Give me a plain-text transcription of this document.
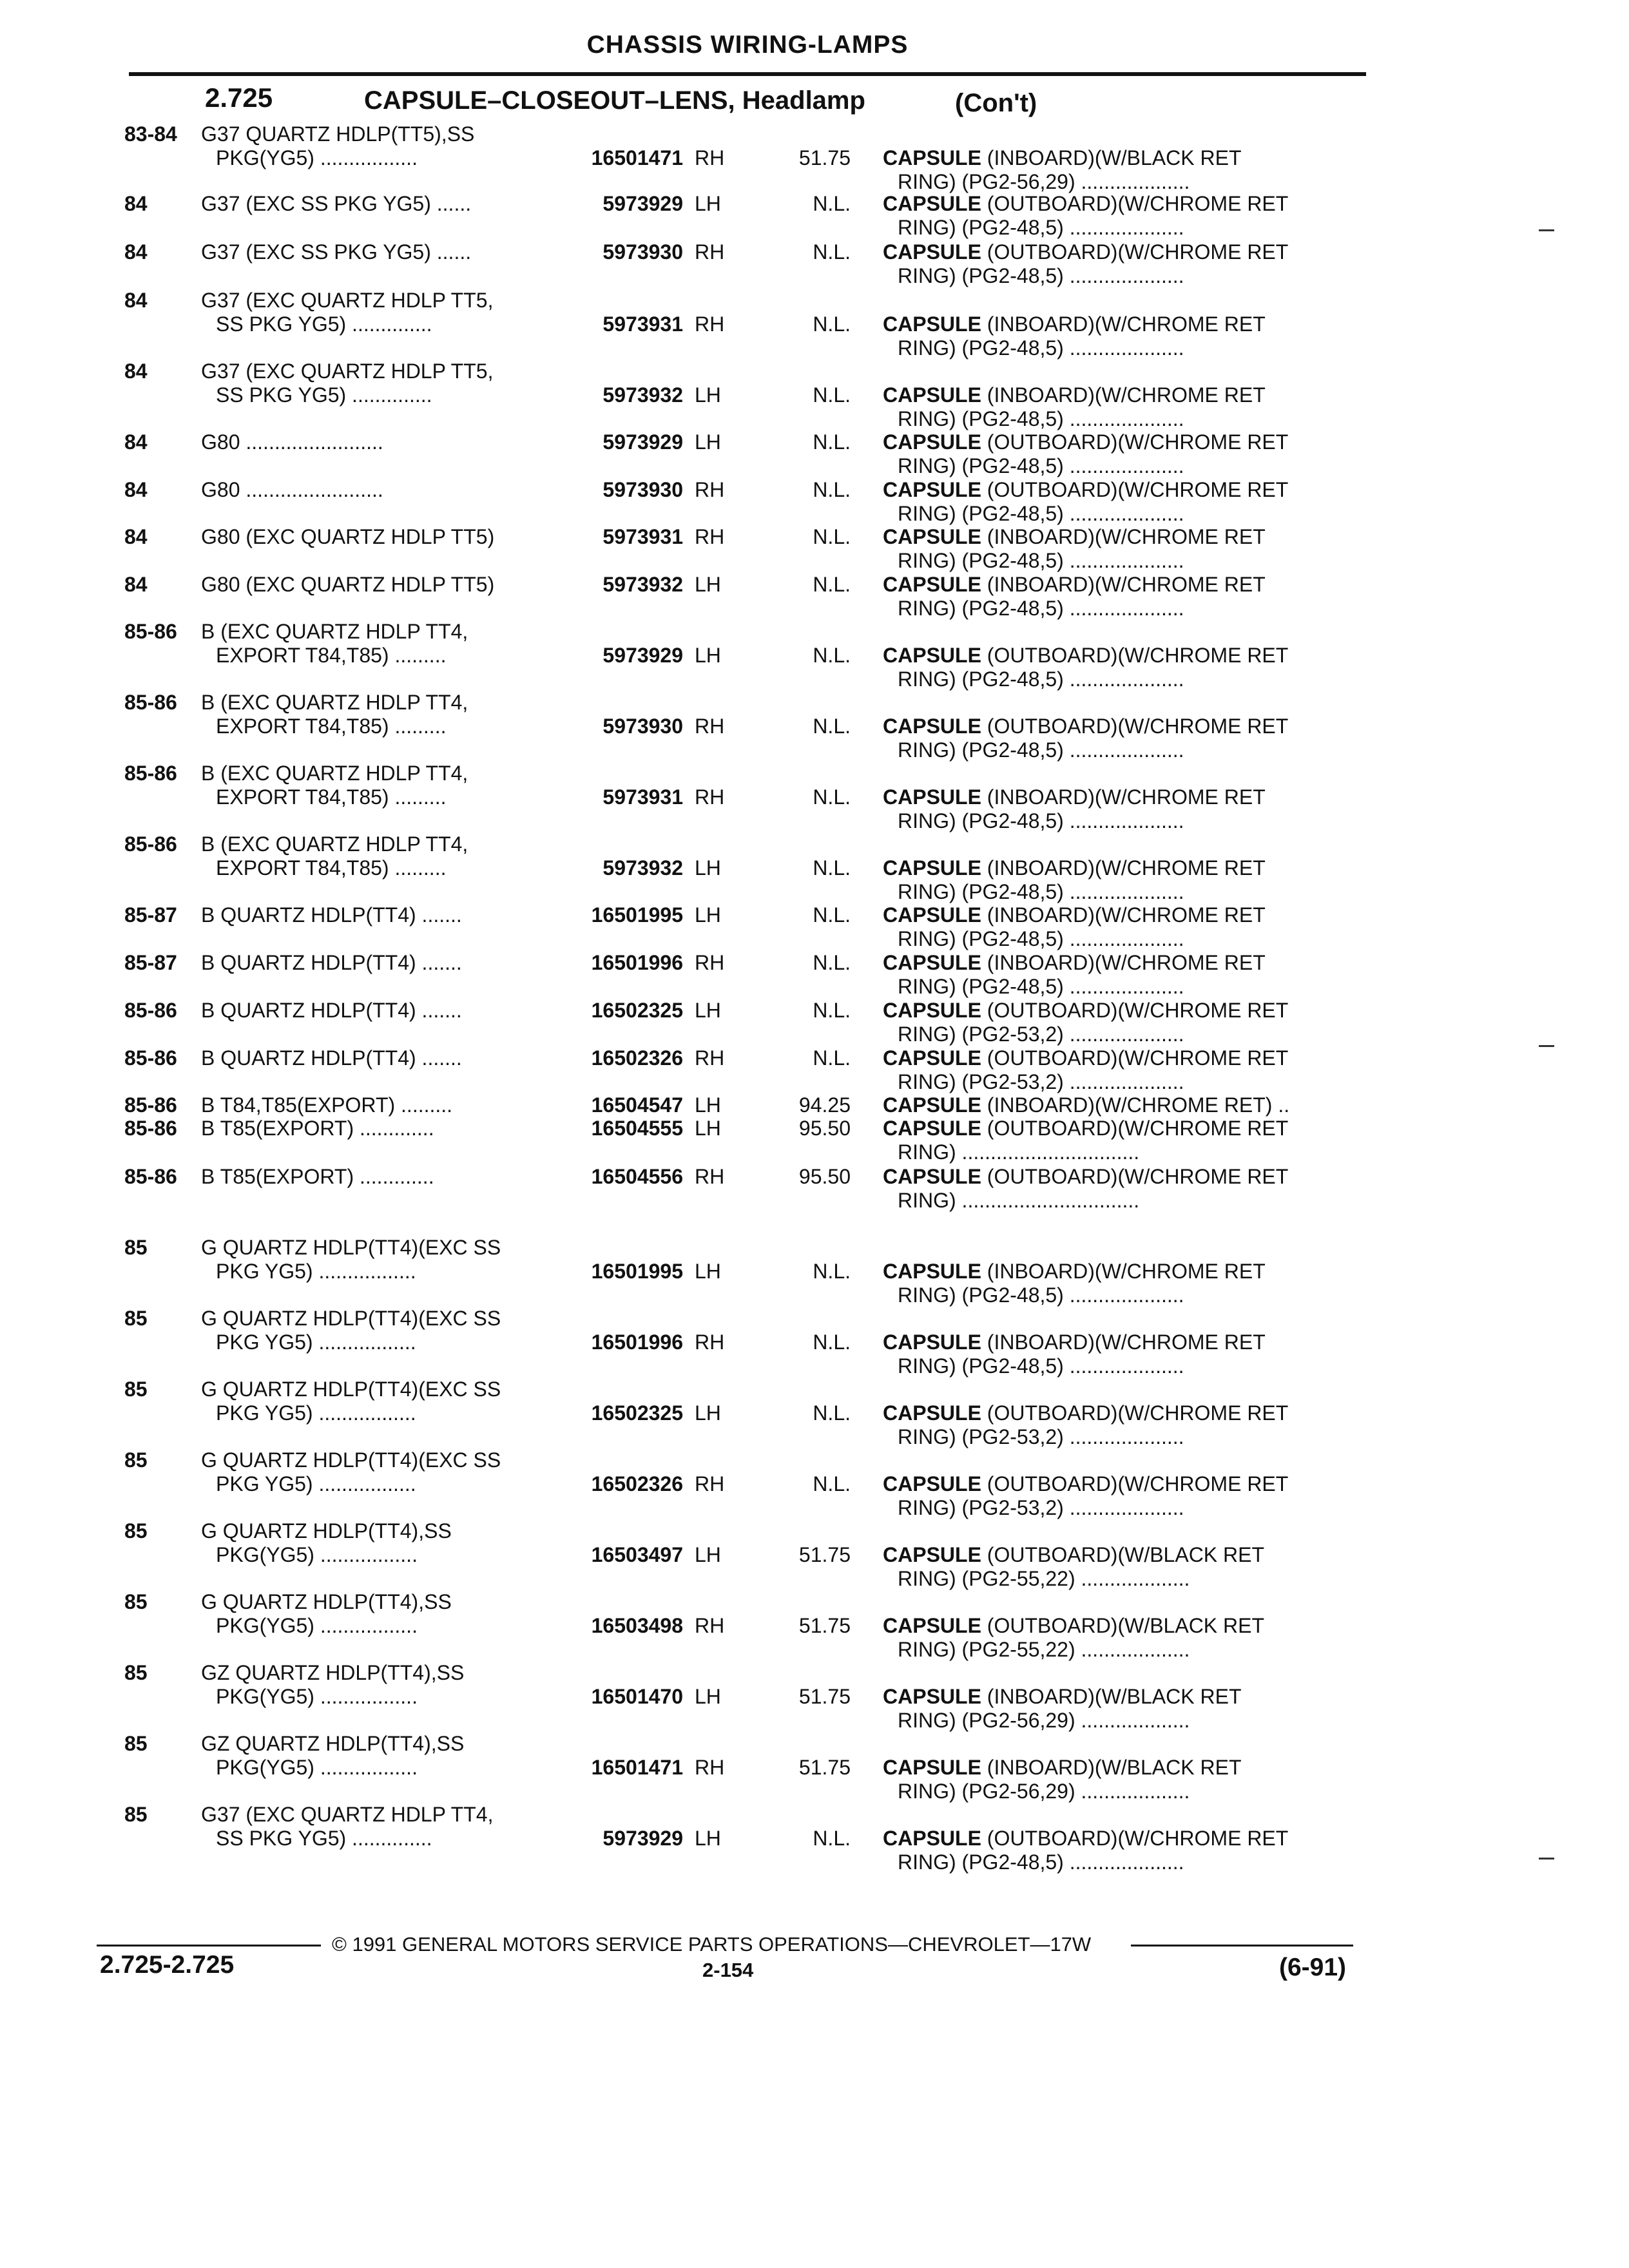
CHASSIS WIRING-LAMPS
2.725	CAPSULE–CLOSEOUT–LENS, Headlamp	(Con't)
83-84 G37 QUARTZ HDLP(TT5),SS
PKG(YG5) .................	16501471 RH	51.75 CAPSULE (INBOARD)(W/BLACK RET
RING) (PG2-56,29) ...................
84	G37 (EXC SS PKG YG5) ......	5973929 LH	N.L. CAPSULE (OUTBOARD)(W/CHROME RET
RING) (PG2-48,5) ....................
84	G37 (EXC SS PKG YG5) ......	5973930 RH	N.L. CAPSULE (OUTBOARD)(W/CHROME RET
RING) (PG2-48,5) ....................
84	G37 (EXC QUARTZ HDLP TT5,
SS PKG YG5) ..............	5973931 RH	N.L. CAPSULE (INBOARD)(W/CHROME RET
RING) (PG2-48,5) ....................
84	G37 (EXC QUARTZ HDLP TT5,
SS PKG YG5) ..............	5973932 LH	N.L. CAPSULE (INBOARD)(W/CHROME RET
RING) (PG2-48,5) ....................
84	G80 ........................	5973929 LH	N.L. CAPSULE (OUTBOARD)(W/CHROME RET
RING) (PG2-48,5) ....................
84	G80 ........................	5973930 RH	N.L. CAPSULE (OUTBOARD)(W/CHROME RET
RING) (PG2-48,5) ....................
84	G80 (EXC QUARTZ HDLP TT5)	5973931 RH	N.L. CAPSULE (INBOARD)(W/CHROME RET
RING) (PG2-48,5) ....................
84	G80 (EXC QUARTZ HDLP TT5)	5973932 LH	N.L. CAPSULE (INBOARD)(W/CHROME RET
RING) (PG2-48,5) ....................
85-86 B (EXC QUARTZ HDLP TT4,
EXPORT T84,T85) .........	5973929 LH	N.L. CAPSULE (OUTBOARD)(W/CHROME RET
RING) (PG2-48,5) ....................
85-86 B (EXC QUARTZ HDLP TT4,
EXPORT T84,T85) .........	5973930 RH	N.L. CAPSULE (OUTBOARD)(W/CHROME RET
RING) (PG2-48,5) ....................
85-86 B (EXC QUARTZ HDLP TT4,
EXPORT T84,T85) .........	5973931 RH	N.L. CAPSULE (INBOARD)(W/CHROME RET
RING) (PG2-48,5) ....................
85-86 B (EXC QUARTZ HDLP TT4,
EXPORT T84,T85) .........	5973932 LH	N.L. CAPSULE (INBOARD)(W/CHROME RET
RING) (PG2-48,5) ....................
85-87 B QUARTZ HDLP(TT4) .......	16501995 LH	N.L. CAPSULE (INBOARD)(W/CHROME RET
RING) (PG2-48,5) ....................
85-87 B QUARTZ HDLP(TT4) .......	16501996 RH	N.L. CAPSULE (INBOARD)(W/CHROME RET
RING) (PG2-48,5) ....................
85-86 B QUARTZ HDLP(TT4) .......	16502325 LH	N.L. CAPSULE (OUTBOARD)(W/CHROME RET
RING) (PG2-53,2) ....................
85-86 B QUARTZ HDLP(TT4) .......	16502326 RH	N.L. CAPSULE (OUTBOARD)(W/CHROME RET
RING) (PG2-53,2) ....................
85-86 B T84,T85(EXPORT) .........	16504547 LH	94.25 CAPSULE (INBOARD)(W/CHROME RET) ..
85-86 B T85(EXPORT) .............	16504555 LH	95.50 CAPSULE (OUTBOARD)(W/CHROME RET
RING) ...............................
85-86 B T85(EXPORT) .............	16504556 RH	95.50 CAPSULE (OUTBOARD)(W/CHROME RET
RING) ...............................
85	G QUARTZ HDLP(TT4)(EXC SS
PKG YG5) .................	16501995 LH	N.L. CAPSULE (INBOARD)(W/CHROME RET
RING) (PG2-48,5) ....................
85	G QUARTZ HDLP(TT4)(EXC SS
PKG YG5) .................	16501996 RH	N.L. CAPSULE (INBOARD)(W/CHROME RET
RING) (PG2-48,5) ....................
85	G QUARTZ HDLP(TT4)(EXC SS
PKG YG5) .................	16502325 LH	N.L. CAPSULE (OUTBOARD)(W/CHROME RET
RING) (PG2-53,2) ....................
85	G QUARTZ HDLP(TT4)(EXC SS
PKG YG5) .................	16502326 RH	N.L. CAPSULE (OUTBOARD)(W/CHROME RET
RING) (PG2-53,2) ....................
85	G QUARTZ HDLP(TT4),SS
PKG(YG5) .................	16503497 LH	51.75 CAPSULE (OUTBOARD)(W/BLACK RET
RING) (PG2-55,22) ...................
85	G QUARTZ HDLP(TT4),SS
PKG(YG5) .................	16503498 RH	51.75 CAPSULE (OUTBOARD)(W/BLACK RET
RING) (PG2-55,22) ...................
85	GZ QUARTZ HDLP(TT4),SS
PKG(YG5) .................	16501470 LH	51.75 CAPSULE (INBOARD)(W/BLACK RET
RING) (PG2-56,29) ...................
85	GZ QUARTZ HDLP(TT4),SS
PKG(YG5) .................	16501471 RH	51.75 CAPSULE (INBOARD)(W/BLACK RET
RING) (PG2-56,29) ...................
85	G37 (EXC QUARTZ HDLP TT4,
SS PKG YG5) ..............	5973929 LH	N.L. CAPSULE (OUTBOARD)(W/CHROME RET
RING) (PG2-48,5) ....................
© 1991 GENERAL MOTORS SERVICE PARTS OPERATIONS—CHEVROLET—17W
2.725-2.725	2-154	(6-91)
